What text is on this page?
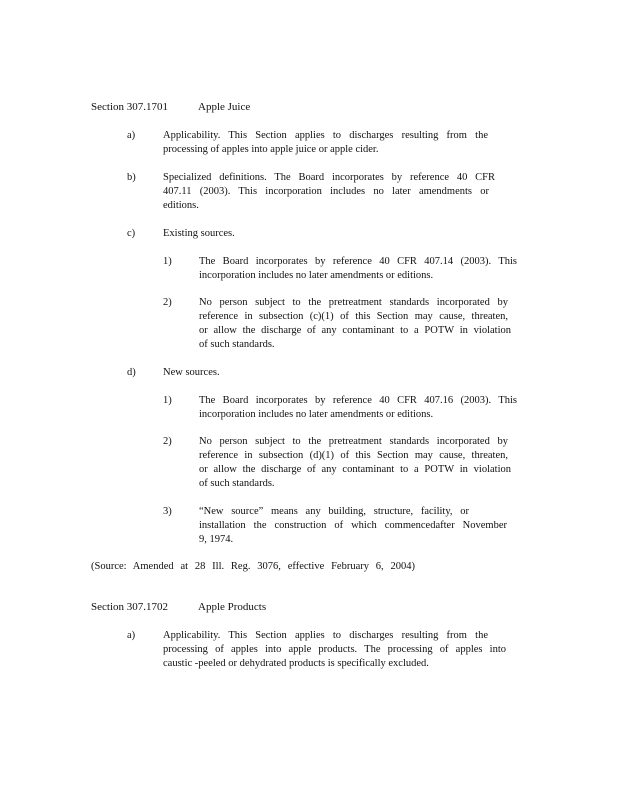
Section 307.1701	Apple Juice
a)	Applicability. This Section applies to discharges resulting from the
processing of apples into apple juice or apple cider.
b)	Specialized definitions. The Board incorporates by reference 40 CFR
407.11 (2003). This incorporation includes no later amendments or
editions.
c)	Existing sources.
1)	The Board incorporates by reference 40 CFR 407.14 (2003). This
incorporation includes no later amendments or editions.
2)	No person subject to the pretreatment standards incorporated by
reference in subsection (c)(1) of this Section may cause, threaten,
or allow the discharge of any contaminant to a POTW in violation
of such standards.
d)	New sources.
1)	The Board incorporates by reference 40 CFR 407.16 (2003). This
incorporation includes no later amendments or editions.
2)	No person subject to the pretreatment standards incorporated by
reference in subsection (d)(1) of this Section may cause, threaten,
or allow the discharge of any contaminant to a POTW in violation
of such standards.
3)	“New source” means any building, structure, facility, or
installation the construction of which commencedafter November
9, 1974.
(Source: Amended at 28 Ill. Reg. 3076, effective February 6, 2004)
Section 307.1702	Apple Products
a)	Applicability. This Section applies to discharges resulting from the
processing of apples into apple products. The processing of apples into
caustic -peeled or dehydrated products is specifically excluded.
